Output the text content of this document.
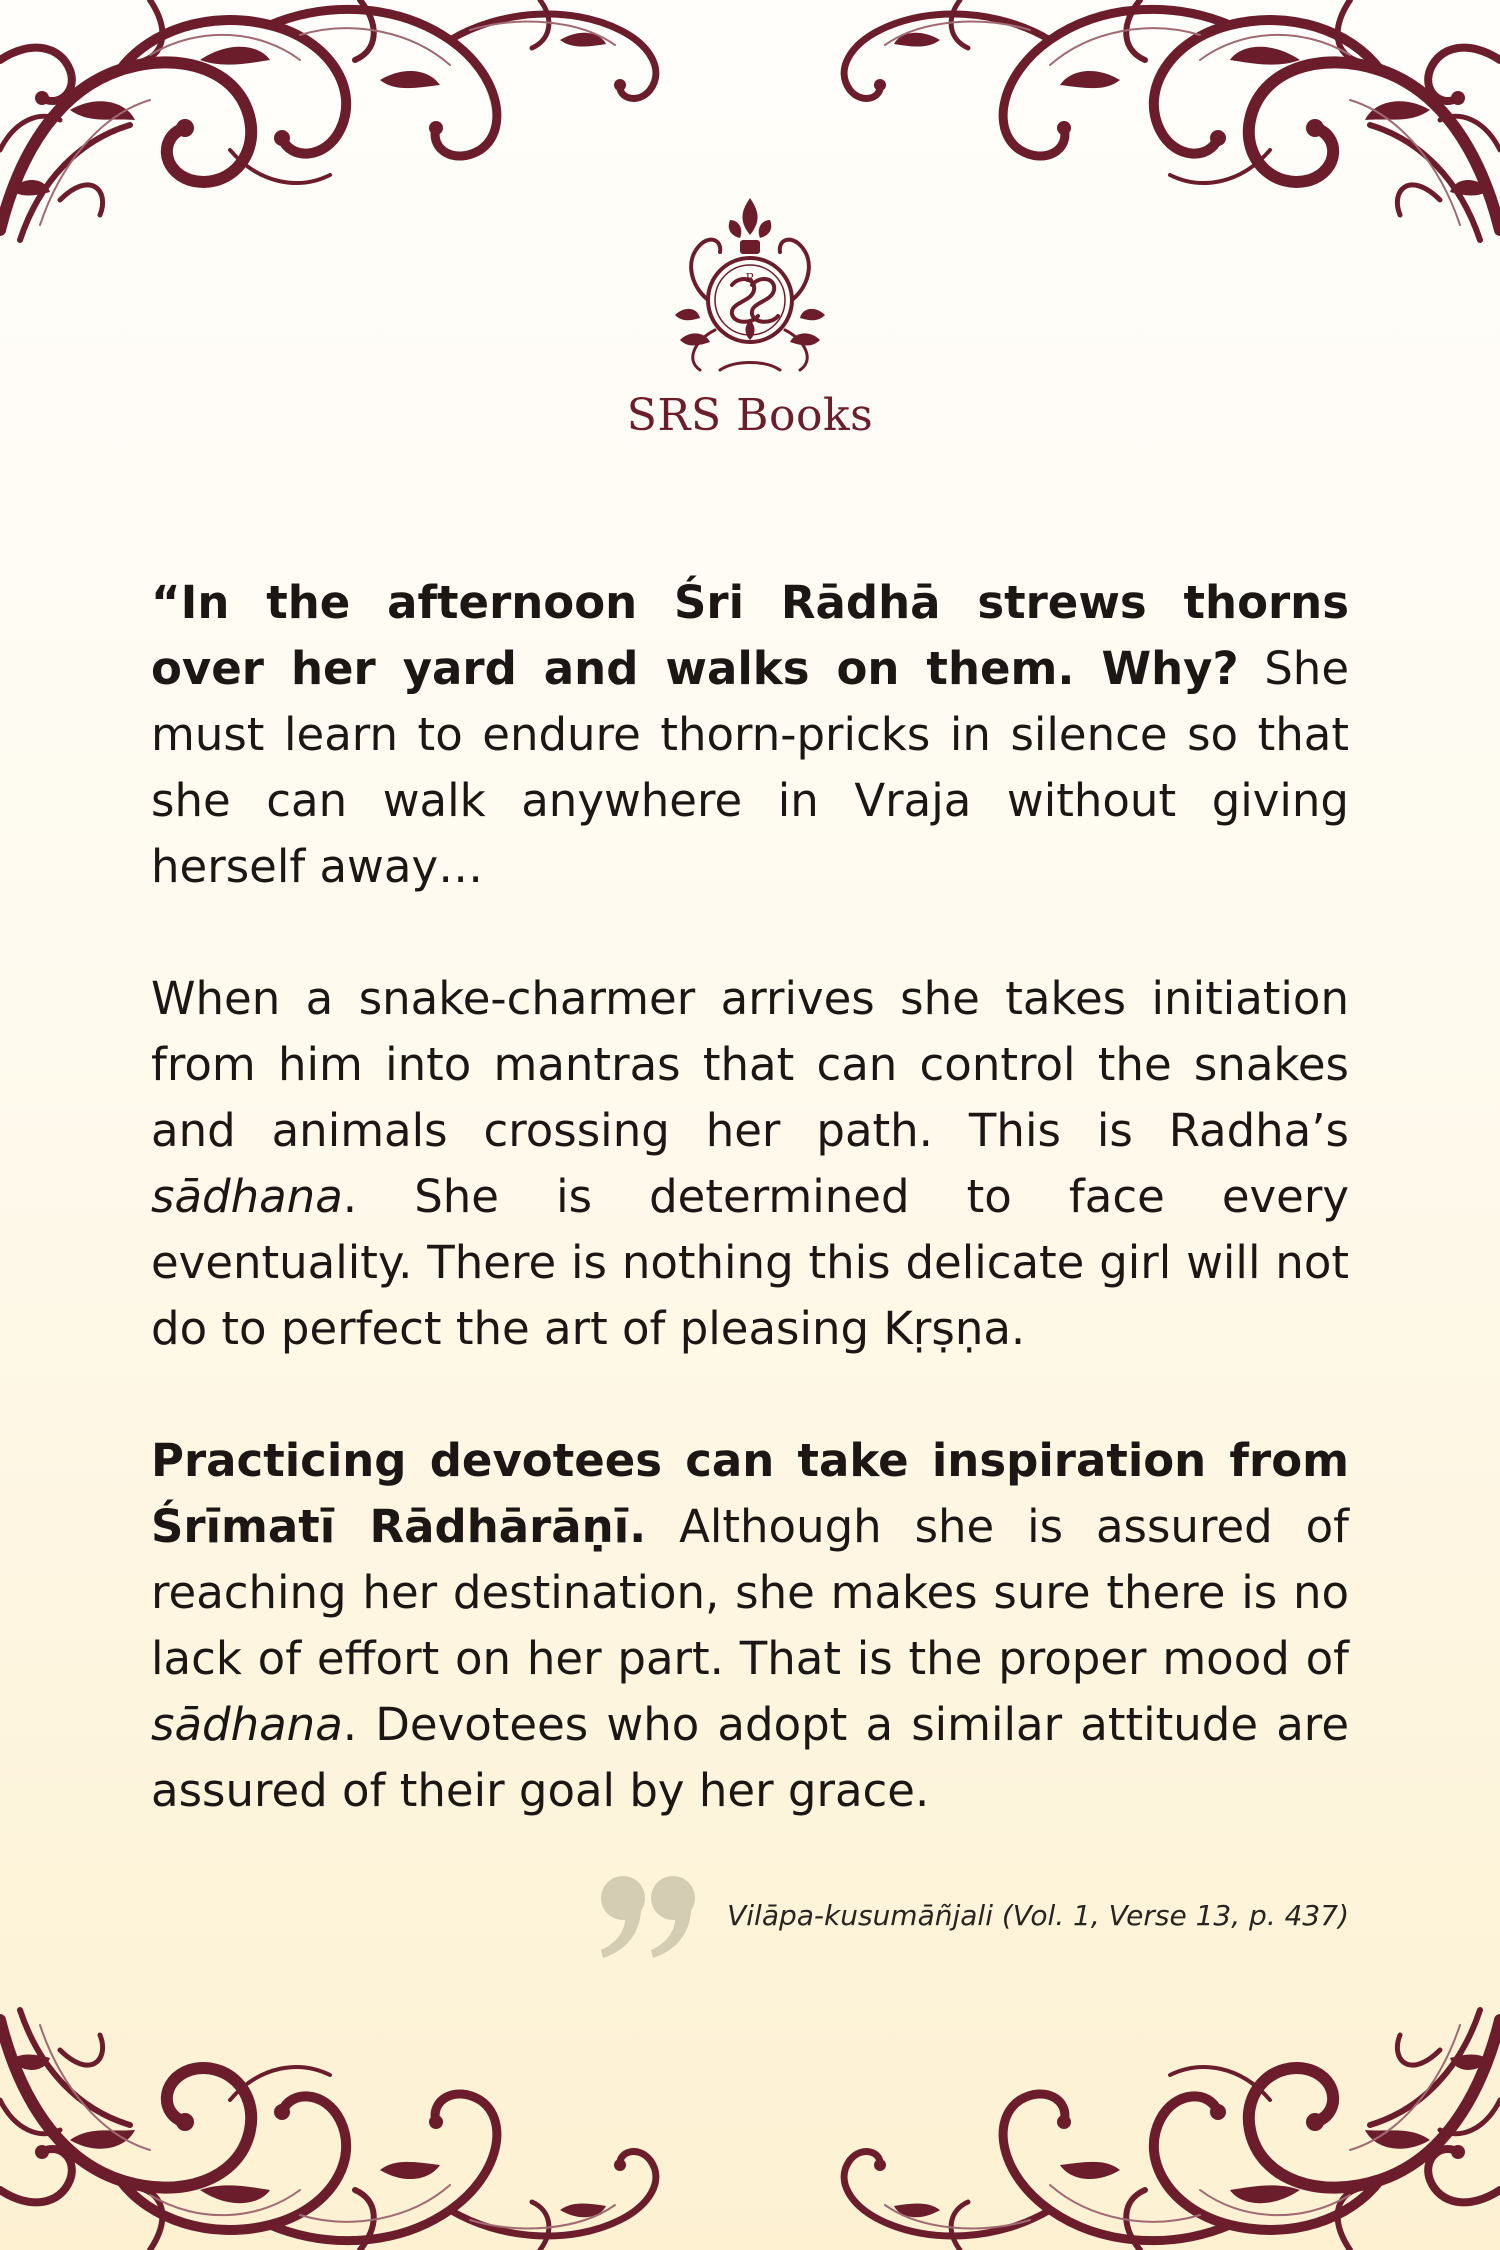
R
SRS Books

“In the afternoon Śri Rādhā strews thorns over her yard and walks on them. Why? She must learn to endure thorn-pricks in silence so that she can walk anywhere in Vraja without giving herself away…

When a snake-charmer arrives she takes initiation from him into mantras that can control the snakes and animals crossing her path. This is Radha’s sādhana. She is determined to face every eventuality. There is nothing this delicate girl will not do to perfect the art of pleasing Kṛṣṇa.

Practicing devotees can take inspiration from Śrīmatī Rādhārāṇī. Although she is assured of reaching her destination, she makes sure there is no lack of effort on her part. That is the proper mood of sādhana. Devotees who adopt a similar attitude are assured of their goal by her grace.

Vilāpa-kusumāñjali (Vol. 1, Verse 13, p. 437)
